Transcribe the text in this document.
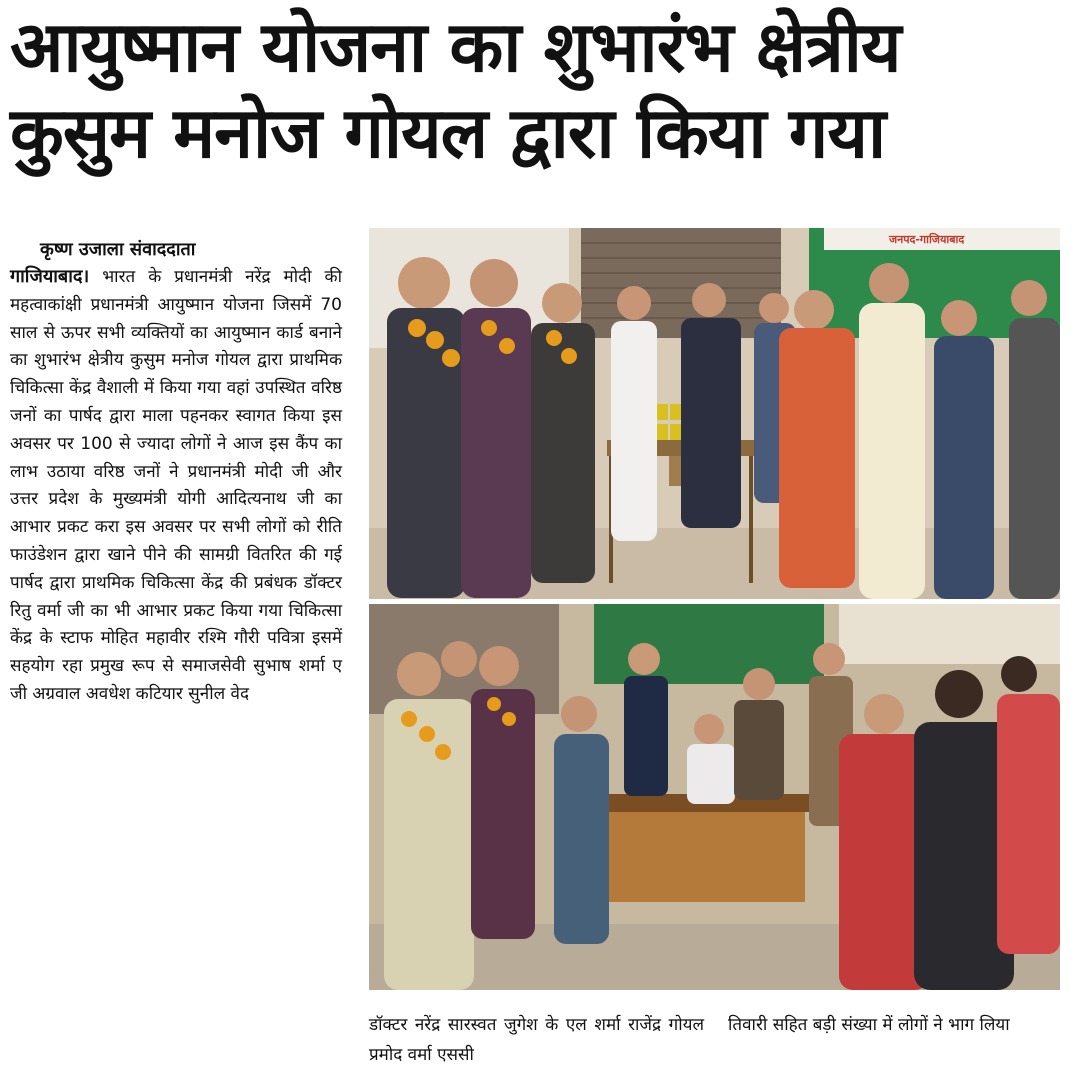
आयुष्मान योजना का शुभारंभ क्षेत्रीय
कुसुम मनोज गोयल द्वारा किया गया
कृष्ण उजाला संवाददाता

गाजियाबाद। भारत के प्रधानमंत्री नरेंद्र मोदी की महत्वाकांक्षी प्रधानमंत्री आयुष्मान योजना जिसमें 70 साल से ऊपर सभी व्यक्तियों का आयुष्मान कार्ड बनाने का शुभारंभ क्षेत्रीय कुसुम मनोज गोयल द्वारा प्राथमिक चिकित्सा केंद्र वैशाली में किया गया वहां उपस्थित वरिष्ठ जनों का पार्षद द्वारा माला पहनकर स्वागत किया इस अवसर पर 100 से ज्यादा लोगों ने आज इस कैंप का लाभ उठाया वरिष्ठ जनों ने प्रधानमंत्री मोदी जी और उत्तर प्रदेश के मुख्यमंत्री योगी आदित्यनाथ जी का आभार प्रकट करा इस अवसर पर सभी लोगों को रीति फाउंडेशन द्वारा खाने पीने की सामग्री वितरित की गई पार्षद द्वारा प्राथमिक चिकित्सा केंद्र की प्रबंधक डॉक्टर रितु वर्मा जी का भी आभार प्रकट किया गया चिकित्सा केंद्र के स्टाफ मोहित महावीर रश्मि गौरी पवित्रा इसमें सहयोग रहा प्रमुख रूप से समाजसेवी सुभाष शर्मा ए जी अग्रवाल अवधेश कटियार सुनील वेद

जनपद-गाजियाबाद
डॉक्टर नरेंद्र सारस्वत जुगेश के एल शर्मा राजेंद्र गोयल प्रमोद वर्मा एससी
तिवारी सहित बड़ी संख्या में लोगों ने भाग लिया
